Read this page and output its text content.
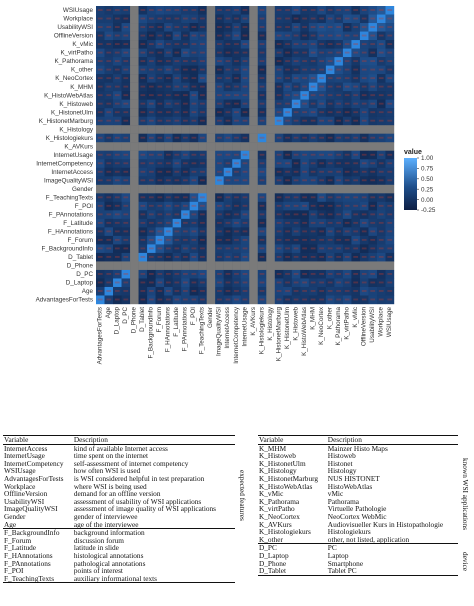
WSIUsage
Workplace
UsabilityWSI
OfflineVersion
K_vMic
K_virtPatho
K_Pathorama
K_other
K_NeoCortex
K_MHM
K_HistoWebAtlas
K_Histoweb
K_HistonetUlm
K_HistonetMarburg
K_Histology
K_Histologiekurs
K_AVKurs
InternetUsage
InternetCompetency
InternetAccess
ImageQualityWSI
Gender
F_TeachingTexts
F_POI
F_PAnnotations
F_Latitude
F_HAnnotations
F_Forum
F_BackgroundInfo
D_Tablet
D_Phone
D_PC
D_Laptop
Age
AdvantagesForTests
AdvantagesForTests Age D_Laptop D_PC D_Phone D_Tablet F_BackgroundInfo F_Forum F_HAnnotations F_Latitude F_PAnnotations F_POI F_TeachingTexts Gender ImageQualityWSI InternetAccess InternetCompetency InternetUsage K_AVKurs K_Histologiekurs K_Histology K_HistonetMarburg K_HistonetUlm K_Histoweb K_HistoWebAtlas K_MHM K_NeoCortex K_other K_Pathorama K_virtPatho K_vMic OfflineVersion UsabilityWSI Workplace WSIUsage
value
1.00
0.75
0.50
0.25
0.00
-0.25
Variable	Description
InternetAccess	kind of available Internet access
InternetUsage	time spent on the internet
InternetCompetency	self-assessment of internet competency
WSIUsage	how often WSI is used
AdvantagesForTests	is WSI considered helpful in test preparation
Workplace	where WSI is being used
OfflineVersion	demand for an offline version
UsabilityWSI	assessment of usability of WSI applications
ImageQualityWSI	assessment of image quality of WSI applications
Gender	gender of interviewee
Age	age of the interviewee
F_BackgroundInfo	background information
F_Forum	discussion forum
F_Latitude	latitude in slide
F_HAnnotations	histological annotations
F_PAnnotations	pathological annotations
F_POI	points of interest
F_TeachingTexts	auxiliary informational texts
expected features
Variable	Description
K_MHM	Mainzer Histo Maps
K_Histoweb	Histoweb
K_HistonetUlm	Histonet
K_Histology	Histology
K_HistonetMarburg	NUS HISTONET
K_HistoWebAtlas	HistoWebAtlas
K_vMic	vMic
K_Pathorama	Pathorama
K_virtPatho	Virtuelle Pathologie
K_NeoCortex	NeoCortex WebMic
K_AVKurs	Audiovisueller Kurs in Histopathologie
K_Histologiekurs	Histologiekurs
K_other	other, not listed, application
D_PC	PC
D_Laptop	Laptop
D_Phone	Smartphone
D_Tablet	Tablet PC
known WSI applications
device
